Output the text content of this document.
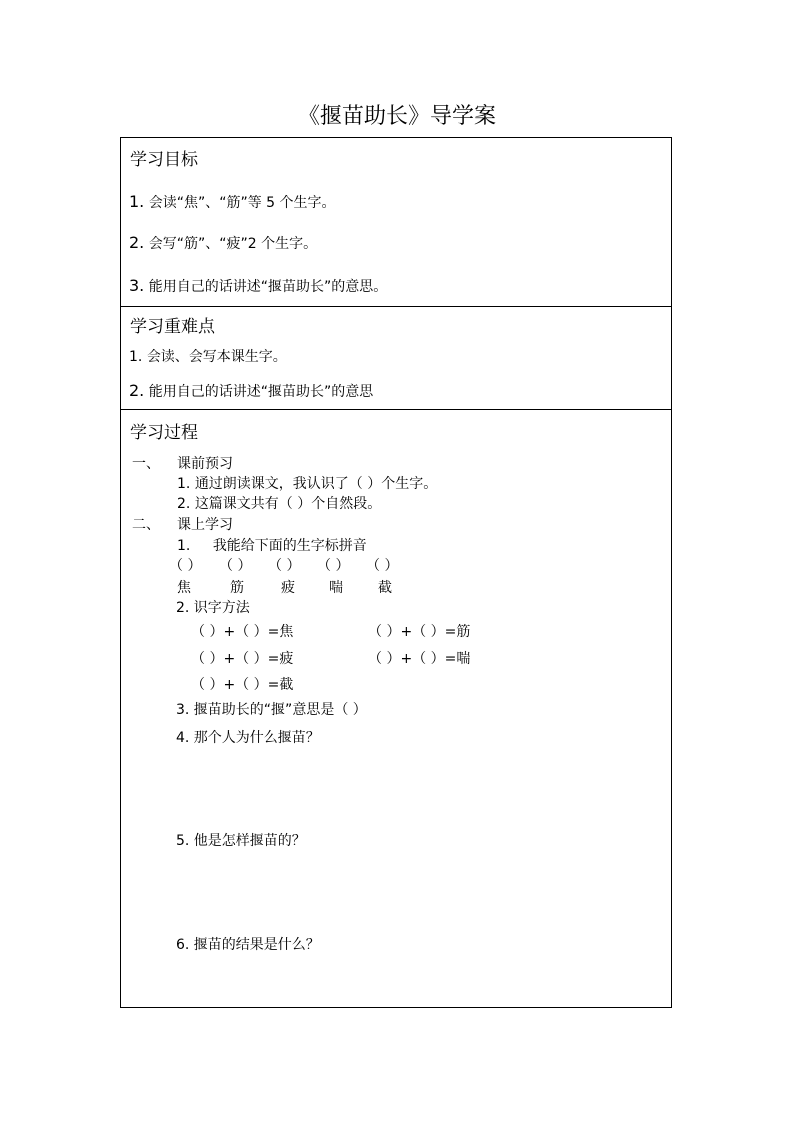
《揠苗助长》导学案
学习目标
1. 会读“焦”、“筋”等 5 个生字。
2. 会写“筋”、“疲”2 个生字。
3. 能用自己的话讲述“揠苗助长”的意思。
学习重难点
1. 会读、会写本课生字。
2. 能用自己的话讲述“揠苗助长”的意思
学习过程
一、 课前预习
1. 通过朗读课文，我认识了（ ）个生字。
2. 这篇课文共有（ ）个自然段。
二、 课上学习
1. 我能给下面的生字标拼音
（ ） （ ） （ ） （ ） （ ）
焦	筋	疲 喘	截
2. 识字方法
（ ）+（ ）=焦	（ ）+（ ）=筋
（ ）+（ ）=疲	（ ）+（ ）=喘
（ ）+（ ）=截
3. 揠苗助长的“揠”意思是（ ）
4. 那个人为什么揠苗？
5. 他是怎样揠苗的？
6. 揠苗的结果是什么？
